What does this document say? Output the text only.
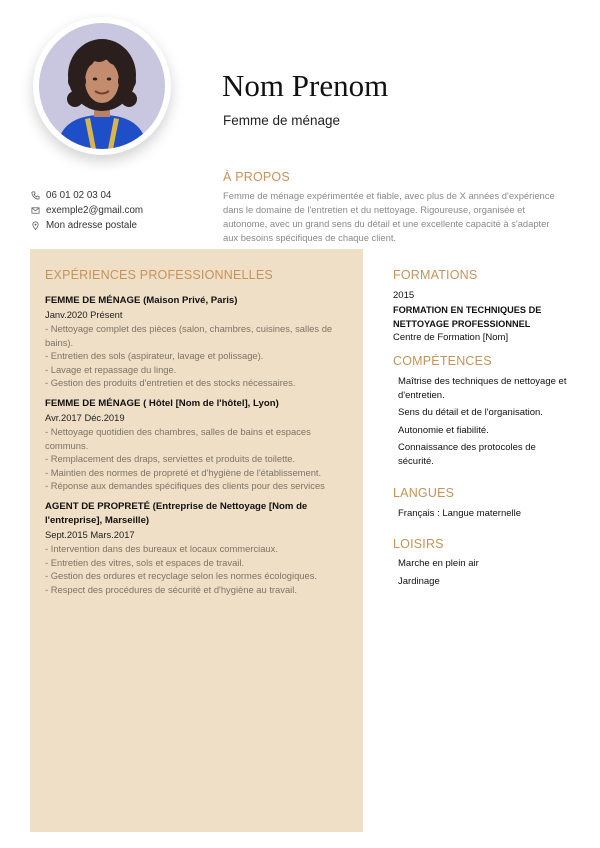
Nom Prenom
Femme de ménage
À PROPOS
Femme de ménage expérimentée et fiable, avec plus de X années d'expérience dans le domaine de l'entretien et du nettoyage. Rigoureuse, organisée et autonome, avec un grand sens du détail et une excellente capacité à s'adapter aux besoins spécifiques de chaque client.
06 01 02 03 04
exemple2@gmail.com
Mon adresse postale
EXPÉRIENCES PROFESSIONNELLES
FEMME DE MÉNAGE (Maison Privé, Paris)
Janv.2020 Présent
- Nettoyage complet des pièces (salon, chambres, cuisines, salles de bains).
- Entretien des sols (aspirateur, lavage et polissage).
- Lavage et repassage du linge.
- Gestion des produits d'entretien et des stocks nécessaires.
FEMME DE MÉNAGE ( Hôtel [Nom de l'hôtel], Lyon)
Avr.2017 Déc.2019
- Nettoyage quotidien des chambres, salles de bains et espaces communs.
- Remplacement des draps, serviettes et produits de toilette.
- Maintien des normes de propreté et d'hygiène de l'établissement.
- Réponse aux demandes spécifiques des clients pour des services
AGENT DE PROPRETÉ (Entreprise de Nettoyage [Nom de l'entreprise], Marseille)
Sept.2015 Mars.2017
- Intervention dans des bureaux et locaux commerciaux.
- Entretien des vitres, sols et espaces de travail.
- Gestion des ordures et recyclage selon les normes écologiques.
- Respect des procédures de sécurité et d'hygiène au travail.
FORMATIONS
2015
FORMATION EN TECHNIQUES DE NETTOYAGE PROFESSIONNEL
Centre de Formation [Nom]
COMPÉTENCES
Maîtrise des techniques de nettoyage et d'entretien.
Sens du détail et de l'organisation.
Autonomie et fiabilité.
Connaissance des protocoles de sécurité.
LANGUES
Français : Langue maternelle
LOISIRS
Marche en plein air
Jardinage
